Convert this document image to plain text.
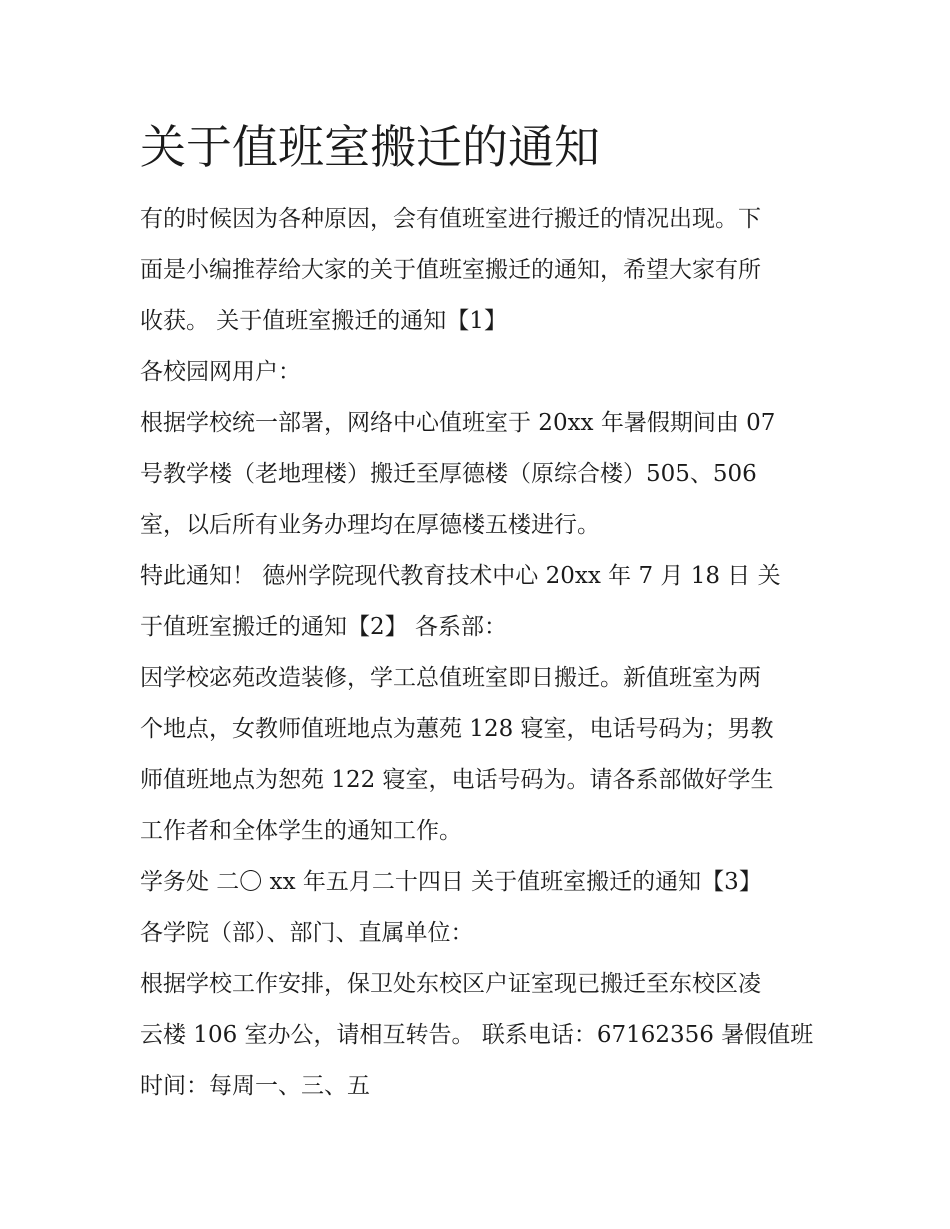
关于值班室搬迁的通知

有的时候因为各种原因，会有值班室进行搬迁的情况出现。下

面是小编推荐给大家的关于值班室搬迁的通知，希望大家有所

收获。 关于值班室搬迁的通知【1】

各校园网用户：

根据学校统一部署，网络中心值班室于 20xx 年暑假期间由 07

号教学楼（老地理楼）搬迁至厚德楼（原综合楼）505、506

室，以后所有业务办理均在厚德楼五楼进行。

特此通知！ 德州学院现代教育技术中心 20xx 年 7 月 18 日 关

于值班室搬迁的通知【2】 各系部：

因学校宓苑改造装修，学工总值班室即日搬迁。新值班室为两

个地点，女教师值班地点为蕙苑 128 寝室，电话号码为；男教

师值班地点为恕苑 122 寝室，电话号码为。请各系部做好学生

工作者和全体学生的通知工作。

学务处 二〇 xx 年五月二十四日 关于值班室搬迁的通知【3】

各学院（部）、部门、直属单位：

根据学校工作安排，保卫处东校区户证室现已搬迁至东校区凌

云楼 106 室办公，请相互转告。 联系电话：67162356 暑假值班

时间：每周一、三、五
